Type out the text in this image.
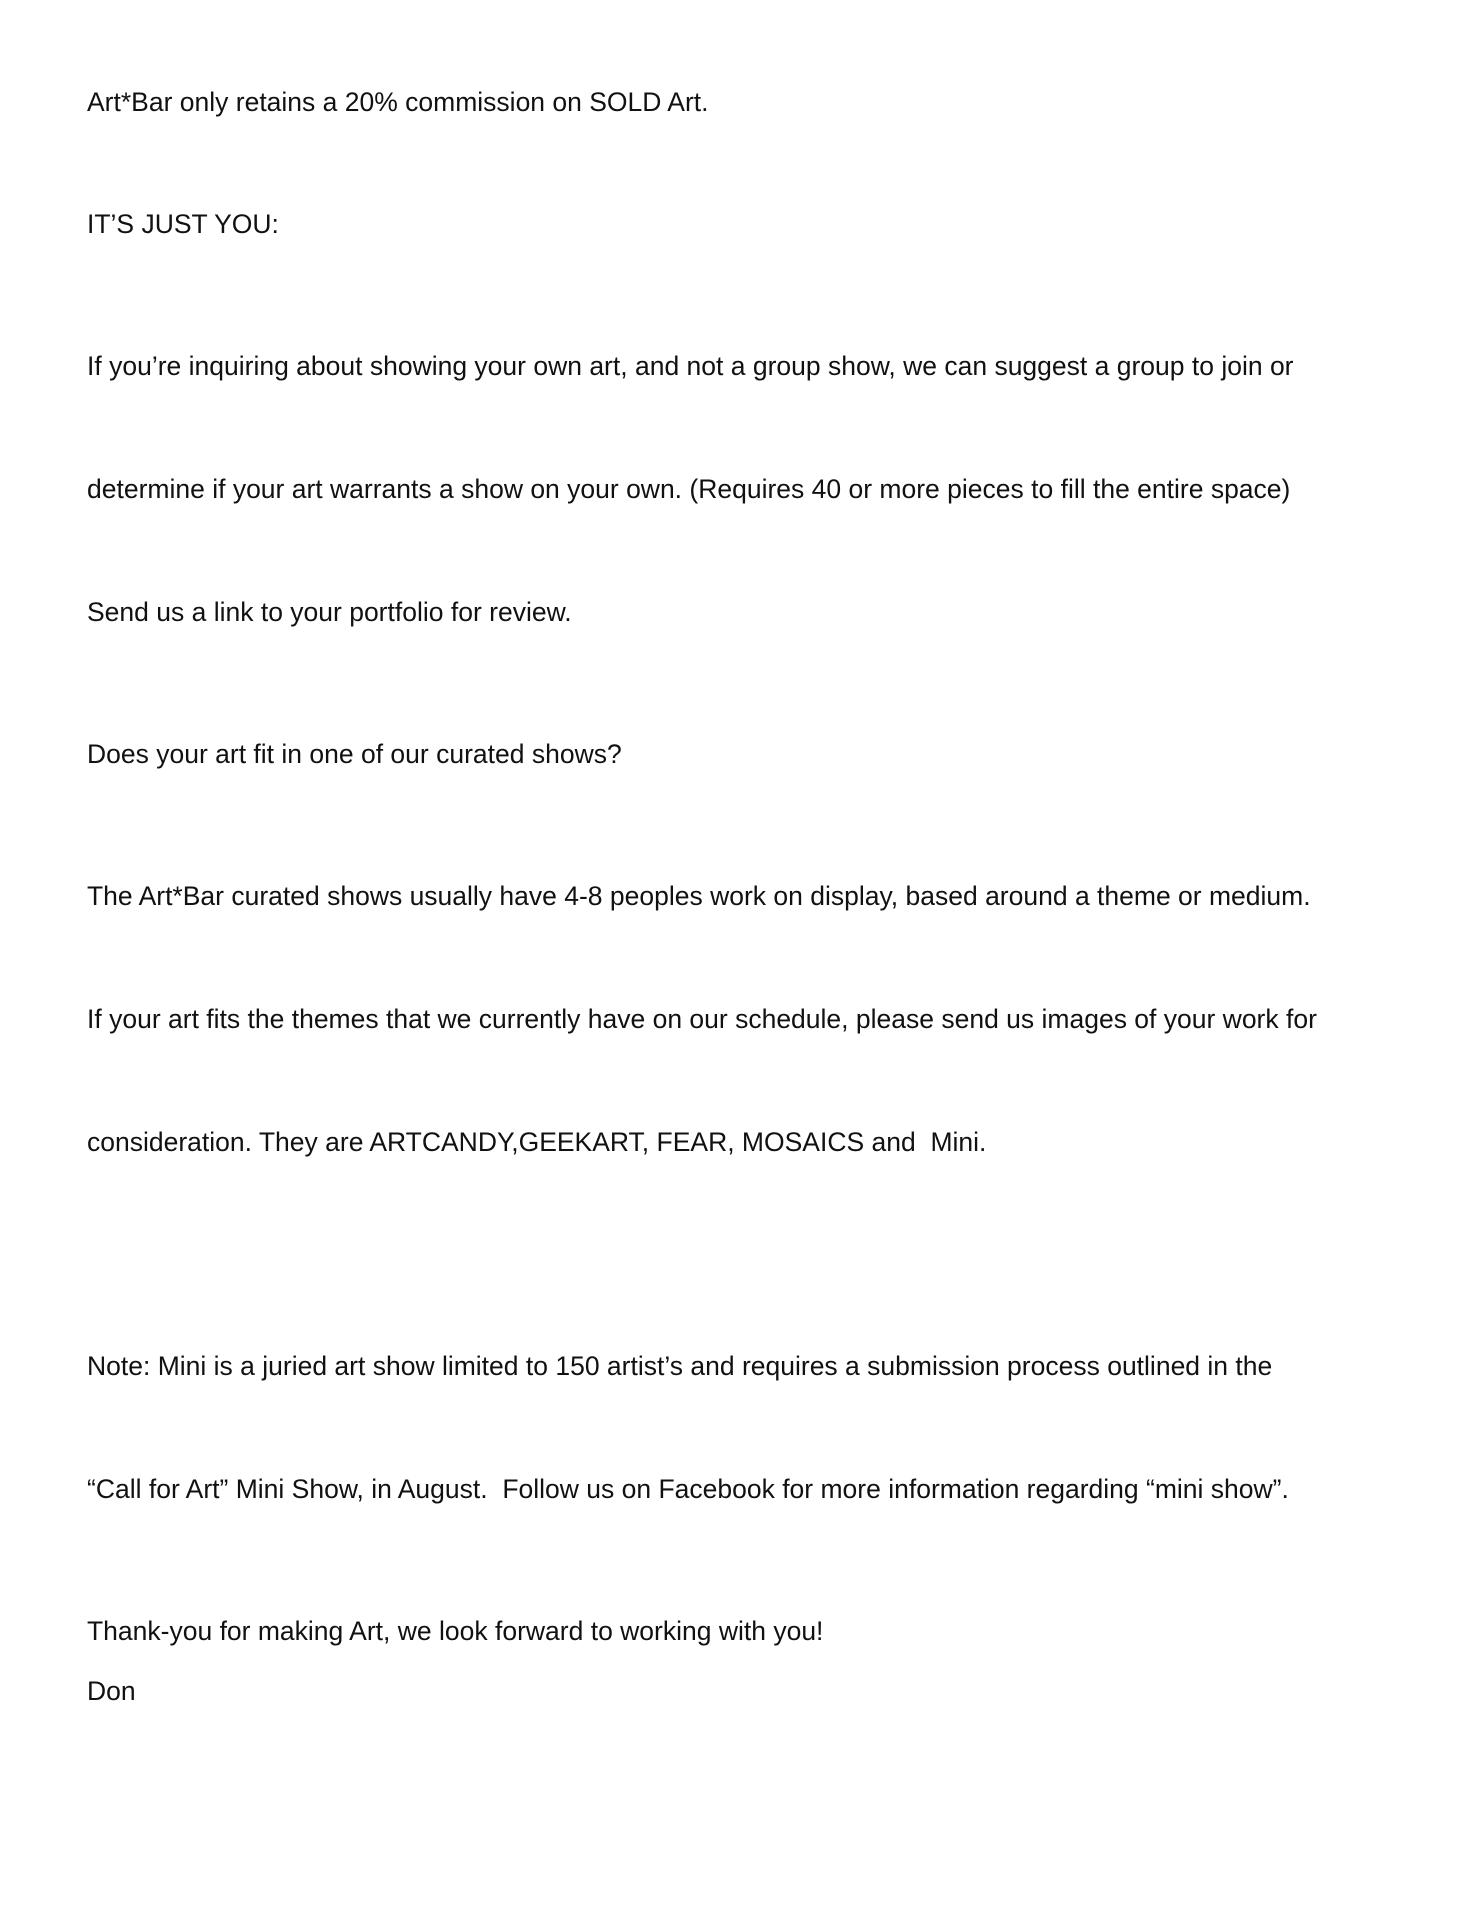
Art*Bar only retains a 20% commission on SOLD Art.

IT’S JUST YOU:

If you’re inquiring about showing your own art, and not a group show, we can suggest a group to join or

determine if your art warrants a show on your own. (Requires 40 or more pieces to fill the entire space)

Send us a link to your portfolio for review.

Does your art fit in one of our curated shows?

The Art*Bar curated shows usually have 4-8 peoples work on display, based around a theme or medium.

If your art fits the themes that we currently have on our schedule, please send us images of your work for

consideration. They are ARTCANDY,GEEKART, FEAR, MOSAICS and  Mini.

Note: Mini is a juried art show limited to 150 artist’s and requires a submission process outlined in the

“Call for Art” Mini Show, in August.  Follow us on Facebook for more information regarding “mini show”.

Thank-you for making Art, we look forward to working with you!

Don
